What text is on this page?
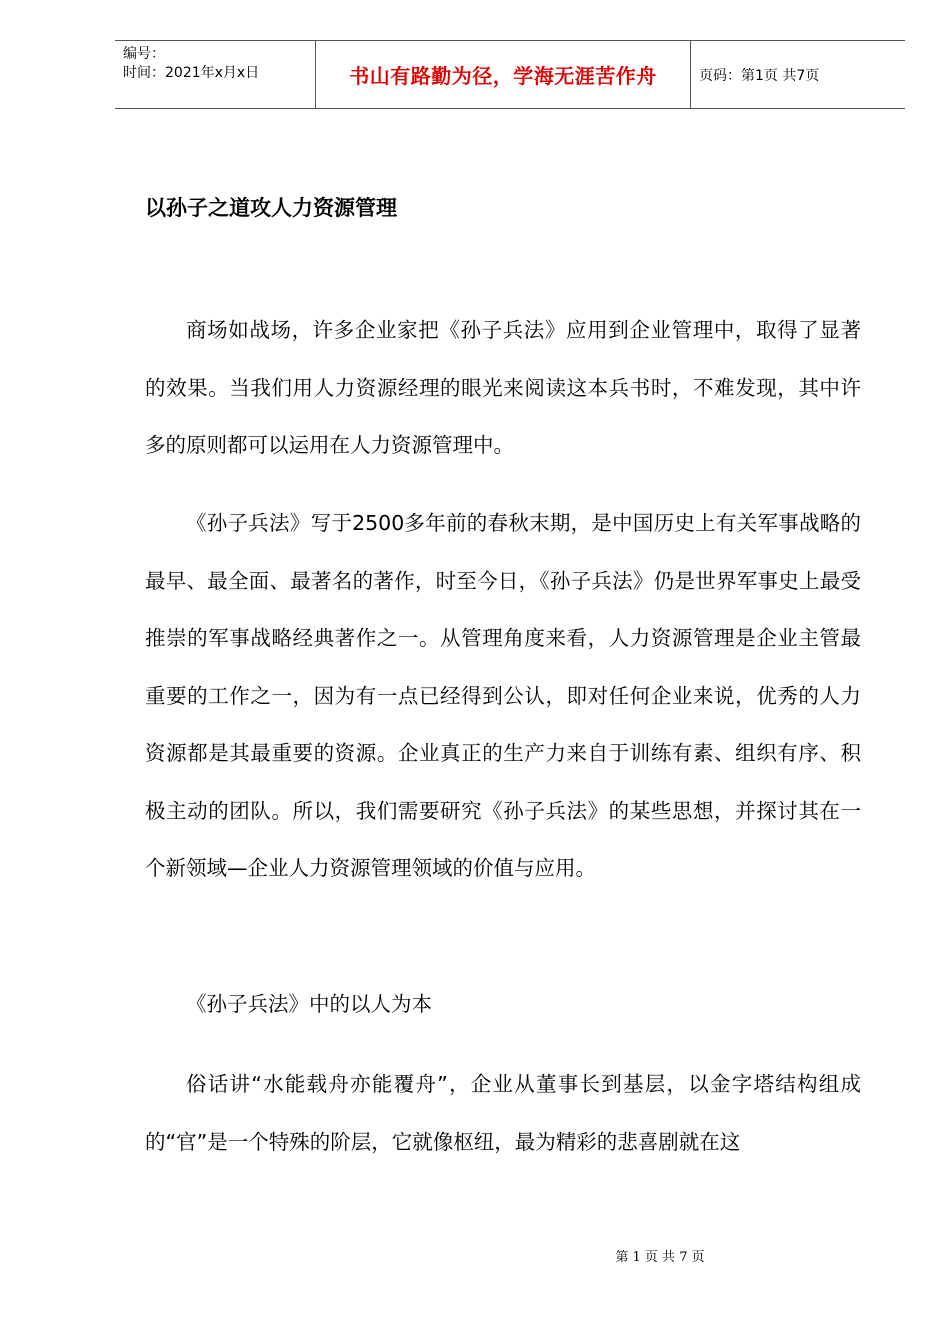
编号：
时间：2021年x月x日	书山有路勤为径，学海无涯苦作舟	页码：第1页 共7页
以孙子之道攻人力资源管理
商场如战场，许多企业家把《孙子兵法》应用到企业管理中，取得了显著的效果。当我们用人力资源经理的眼光来阅读这本兵书时，不难发现，其中许多的原则都可以运用在人力资源管理中。
《孙子兵法》写于2500多年前的春秋末期，是中国历史上有关军事战略的最早、最全面、最著名的著作，时至今日，《孙子兵法》仍是世界军事史上最受推崇的军事战略经典著作之一。从管理角度来看，人力资源管理是企业主管最重要的工作之一，因为有一点已经得到公认，即对任何企业来说，优秀的人力资源都是其最重要的资源。企业真正的生产力来自于训练有素、组织有序、积极主动的团队。所以，我们需要研究《孙子兵法》的某些思想，并探讨其在一个新领域—企业人力资源管理领域的价值与应用。
《孙子兵法》中的以人为本
俗话讲“水能载舟亦能覆舟”，企业从董事长到基层，以金字塔结构组成的“官”是一个特殊的阶层，它就像枢纽，最为精彩的悲喜剧就在这
第 1 页 共 7 页
